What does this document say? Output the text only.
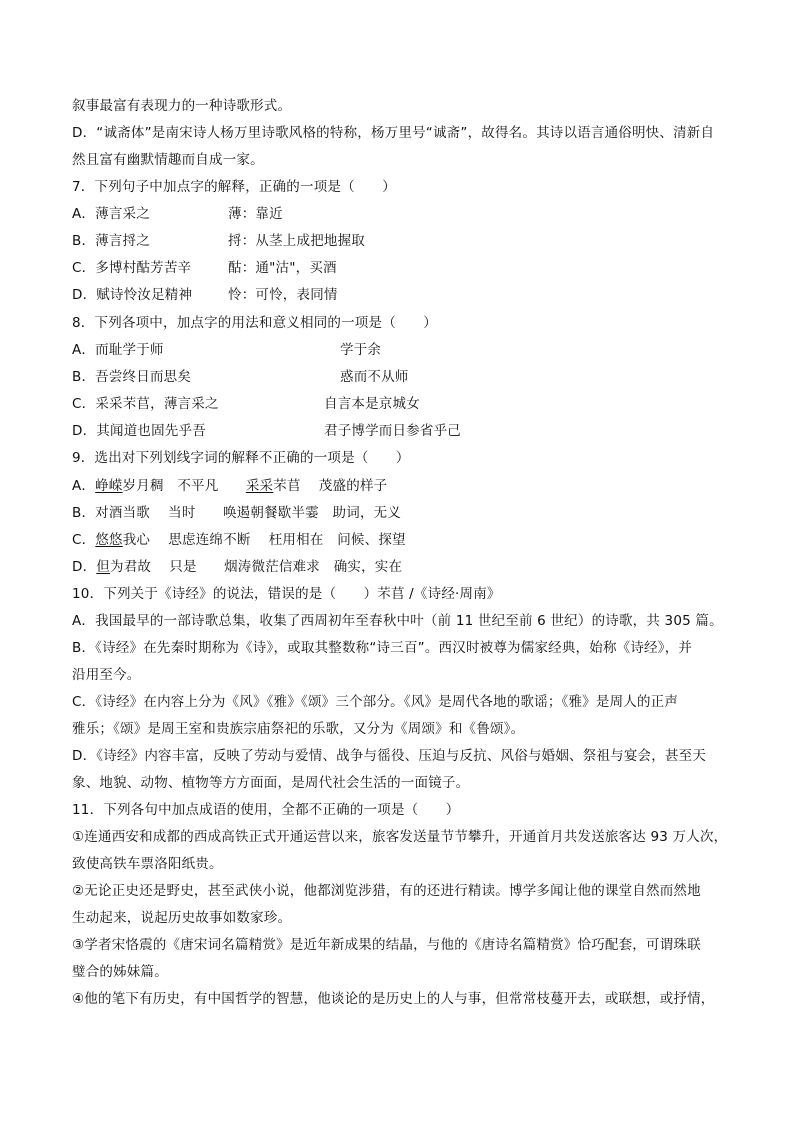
叙事最富有表现力的一种诗歌形式。
D．“诚斋体”是南宋诗人杨万里诗歌风格的特称，杨万里号“诚斋”，故得名。其诗以语言通俗明快、清新自
然且富有幽默情趣而自成一家。
7．下列句子中加点字的解释，正确的一项是（　　）
A．薄言采之	薄：靠近
B．薄言捋之	捋：从茎上成把地握取
C．多博村酤芳苦辛	酤：通"沽"，买酒
D．赋诗怜汝足精神	怜：可怜，表同情
8．下列各项中，加点字的用法和意义相同的一项是（　　）
A．而耻学于师	学于余
B．吾尝终日而思矣	惑而不从师
C．采采芣苢，薄言采之	自言本是京城女
D．其闻道也固先乎吾	君子博学而日参省乎己
9．选出对下列划线字词的解释不正确的一项是（　　）
A．峥嵘岁月稠　不平凡　　采采芣苢　 茂盛的样子
B．对酒当歌　 当时　　唤遏朝餐歇半霎　助词，无义
C．悠悠我心　 思虑连绵不断　 枉用相在　问候、探望
D．但为君故　 只是　　烟涛微茫信难求　确实，实在
10．下列关于《诗经》的说法，错误的是（　　）芣苢 /《诗经·周南》
A．我国最早的一部诗歌总集，收集了西周初年至春秋中叶（前 11 世纪至前 6 世纪）的诗歌，共 305 篇。
B．《诗经》在先秦时期称为《诗》，或取其整数称“诗三百”。西汉时被尊为儒家经典，始称《诗经》，并
沿用至今。
C．《诗经》在内容上分为《风》《雅》《颂》三个部分。《风》是周代各地的歌谣；《雅》是周人的正声
雅乐；《颂》是周王室和贵族宗庙祭祀的乐歌，又分为《周颂》和《鲁颂》。
D．《诗经》内容丰富，反映了劳动与爱情、战争与徭役、压迫与反抗、风俗与婚姻、祭祖与宴会，甚至天
象、地貌、动物、植物等方方面面，是周代社会生活的一面镜子。
11．下列各句中加点成语的使用，全都不正确的一项是（　　）
①连通西安和成都的西成高铁正式开通运营以来，旅客发送量节节攀升，开通首月共发送旅客达 93 万人次，
致使高铁车票洛阳纸贵。
②无论正史还是野史，甚至武侠小说，他都浏览涉猎，有的还进行精读。博学多闻让他的课堂自然而然地
生动起来，说起历史故事如数家珍。
③学者宋恪震的《唐宋词名篇精赏》是近年新成果的结晶，与他的《唐诗名篇精赏》恰巧配套，可谓珠联
璧合的姊妹篇。
④他的笔下有历史，有中国哲学的智慧，他谈论的是历史上的人与事，但常常枝蔓开去，或联想，或抒情，
